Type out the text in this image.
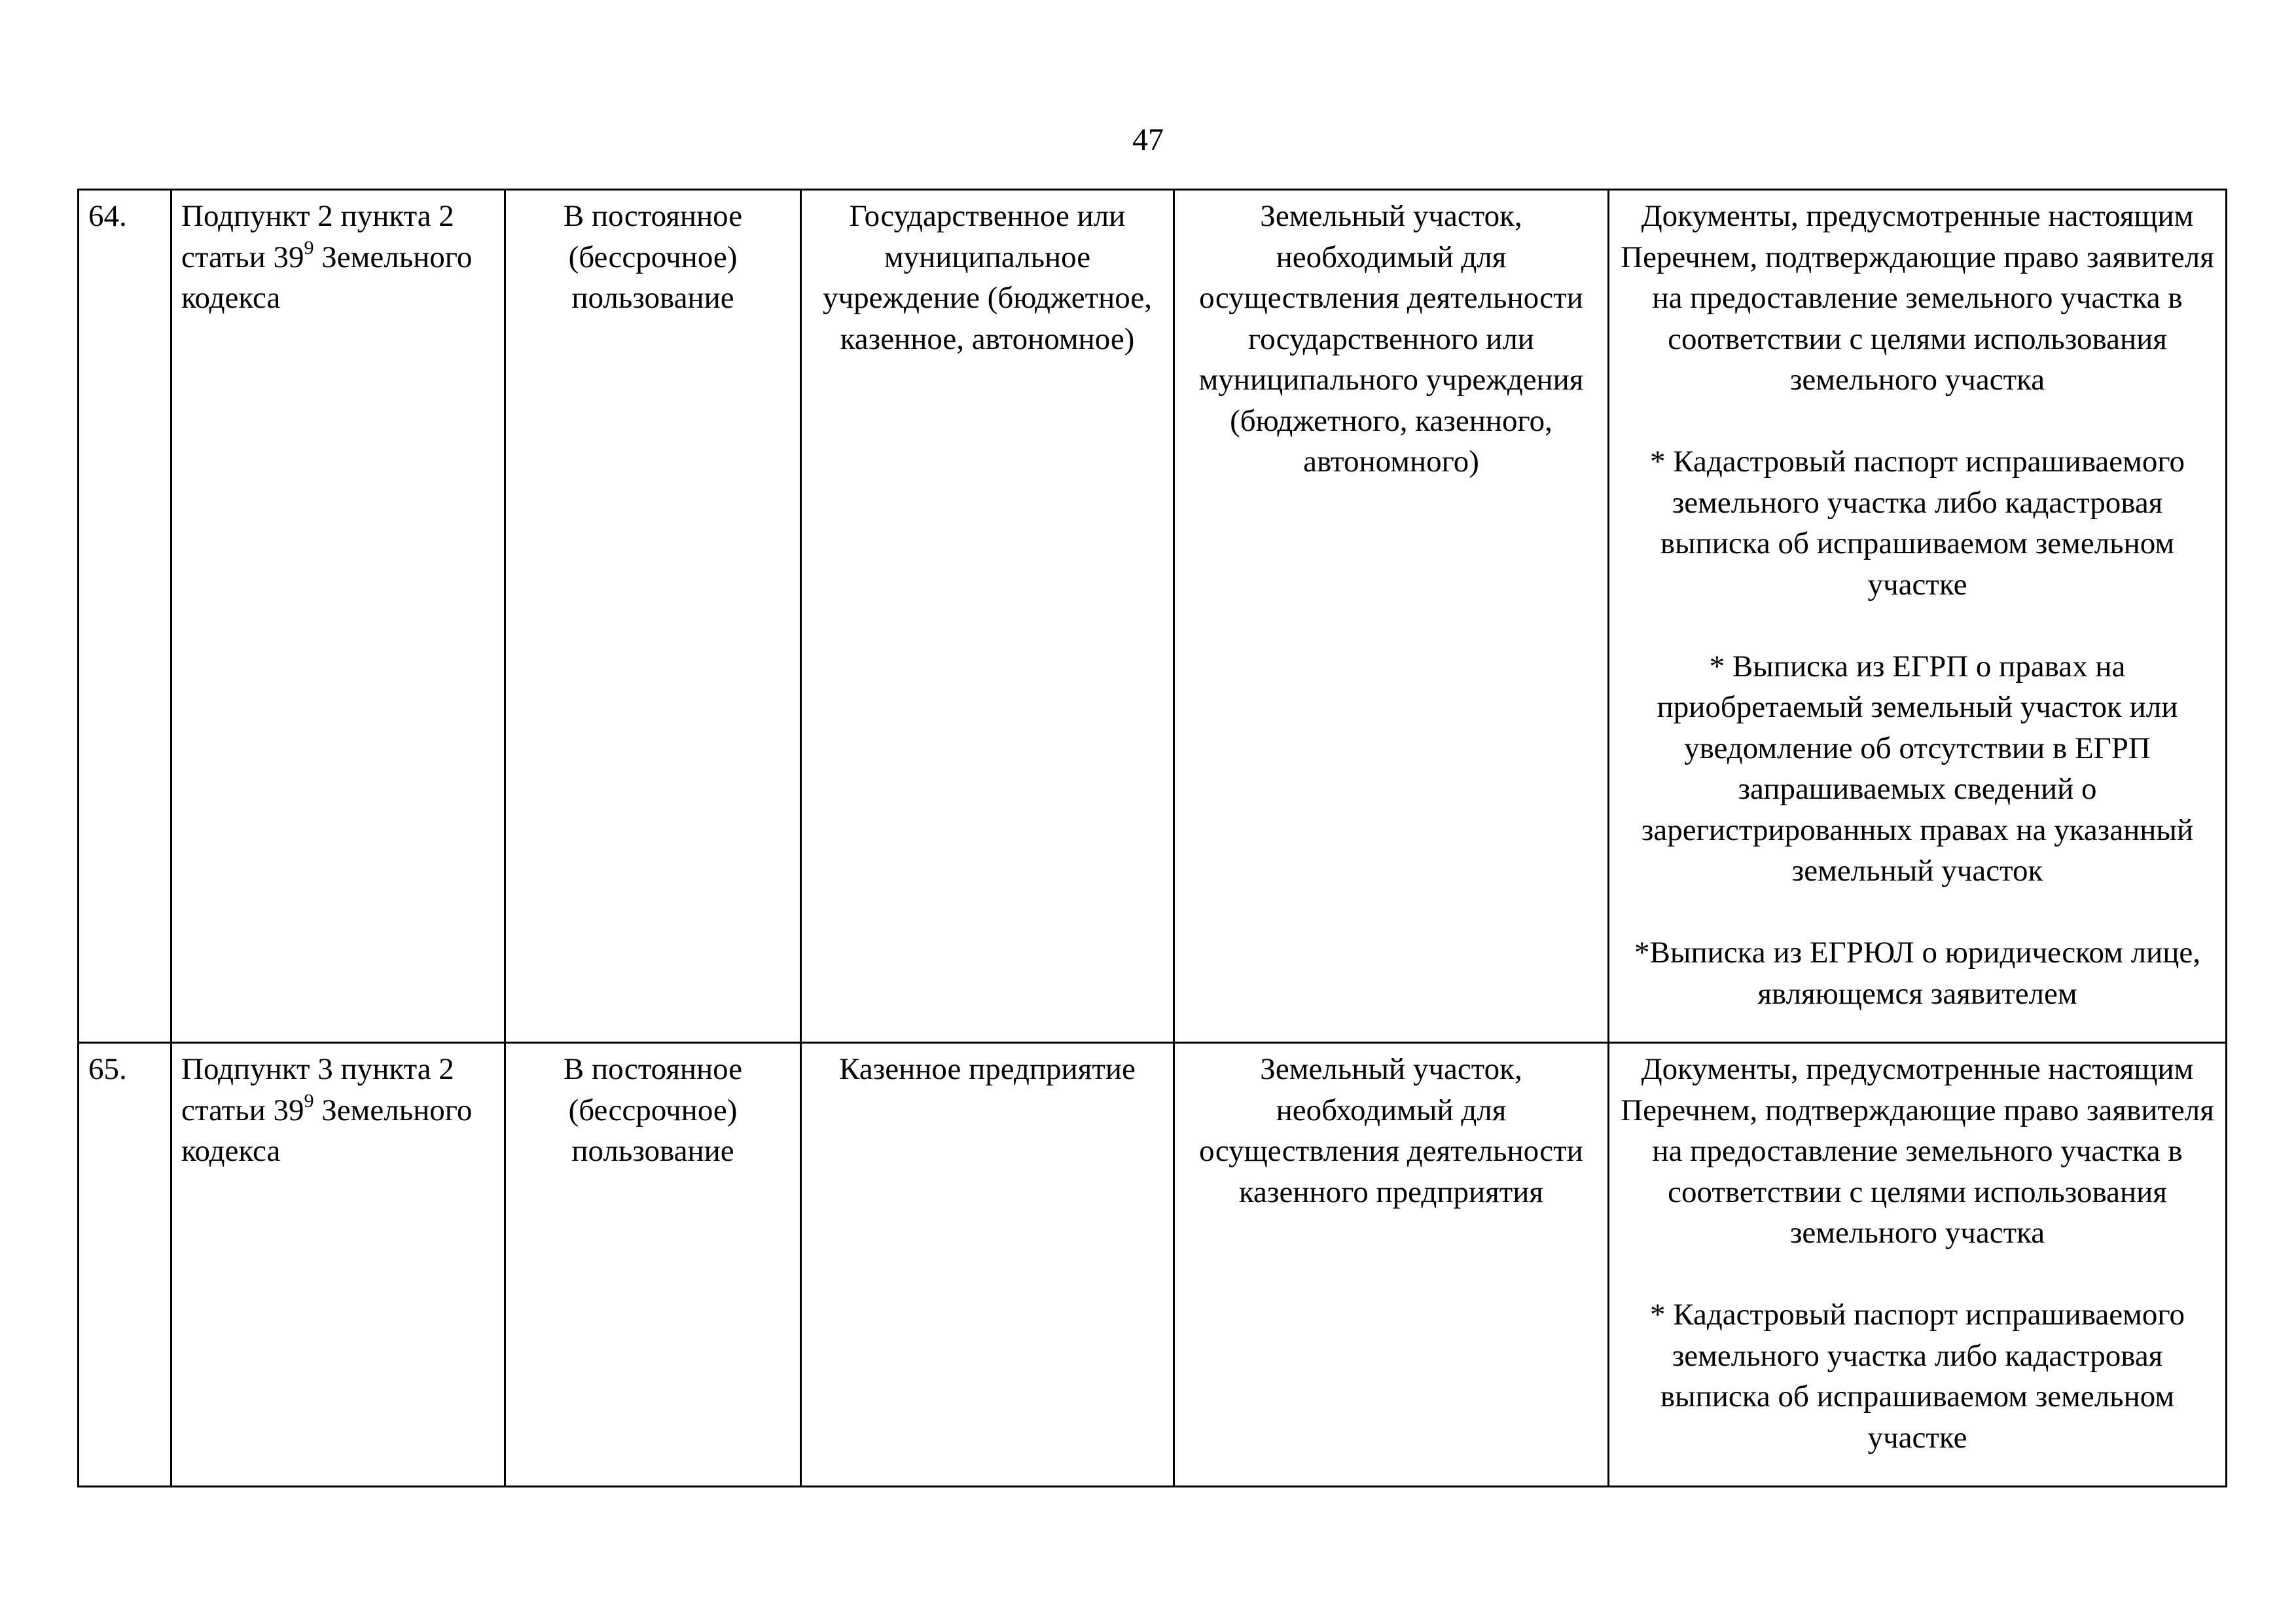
47
64.	Подпункт 2 пункта 2 статьи $39^9$ Земельного кодекса	В постоянное (бессрочное) пользование	Государственное или муниципальное учреждение (бюджетное, казенное, автономное)	Земельный участок, необходимый для осуществления деятельности государственного или муниципального учреждения (бюджетного, казенного, автономного)	Документы, предусмотренные настоящим Перечнем, подтверждающие право заявителя на предоставление земельного участка в соответствии с целями использования земельного участка

* Кадастровый паспорт испрашиваемого земельного участка либо кадастровая выписка об испрашиваемом земельном участке

* Выписка из ЕГРП о правах на приобретаемый земельный участок или уведомление об отсутствии в ЕГРП запрашиваемых сведений о зарегистрированных правах на указанный земельный участок

*Выписка из ЕГРЮЛ о юридическом лице, являющемся заявителем

65.	Подпункт 3 пункта 2 статьи $39^9$ Земельного кодекса	В постоянное (бессрочное) пользование	Казенное предприятие	Земельный участок, необходимый для осуществления деятельности казенного предприятия	Документы, предусмотренные настоящим Перечнем, подтверждающие право заявителя на предоставление земельного участка в соответствии с целями использования земельного участка

* Кадастровый паспорт испрашиваемого земельного участка либо кадастровая выписка об испрашиваемом земельном участке
